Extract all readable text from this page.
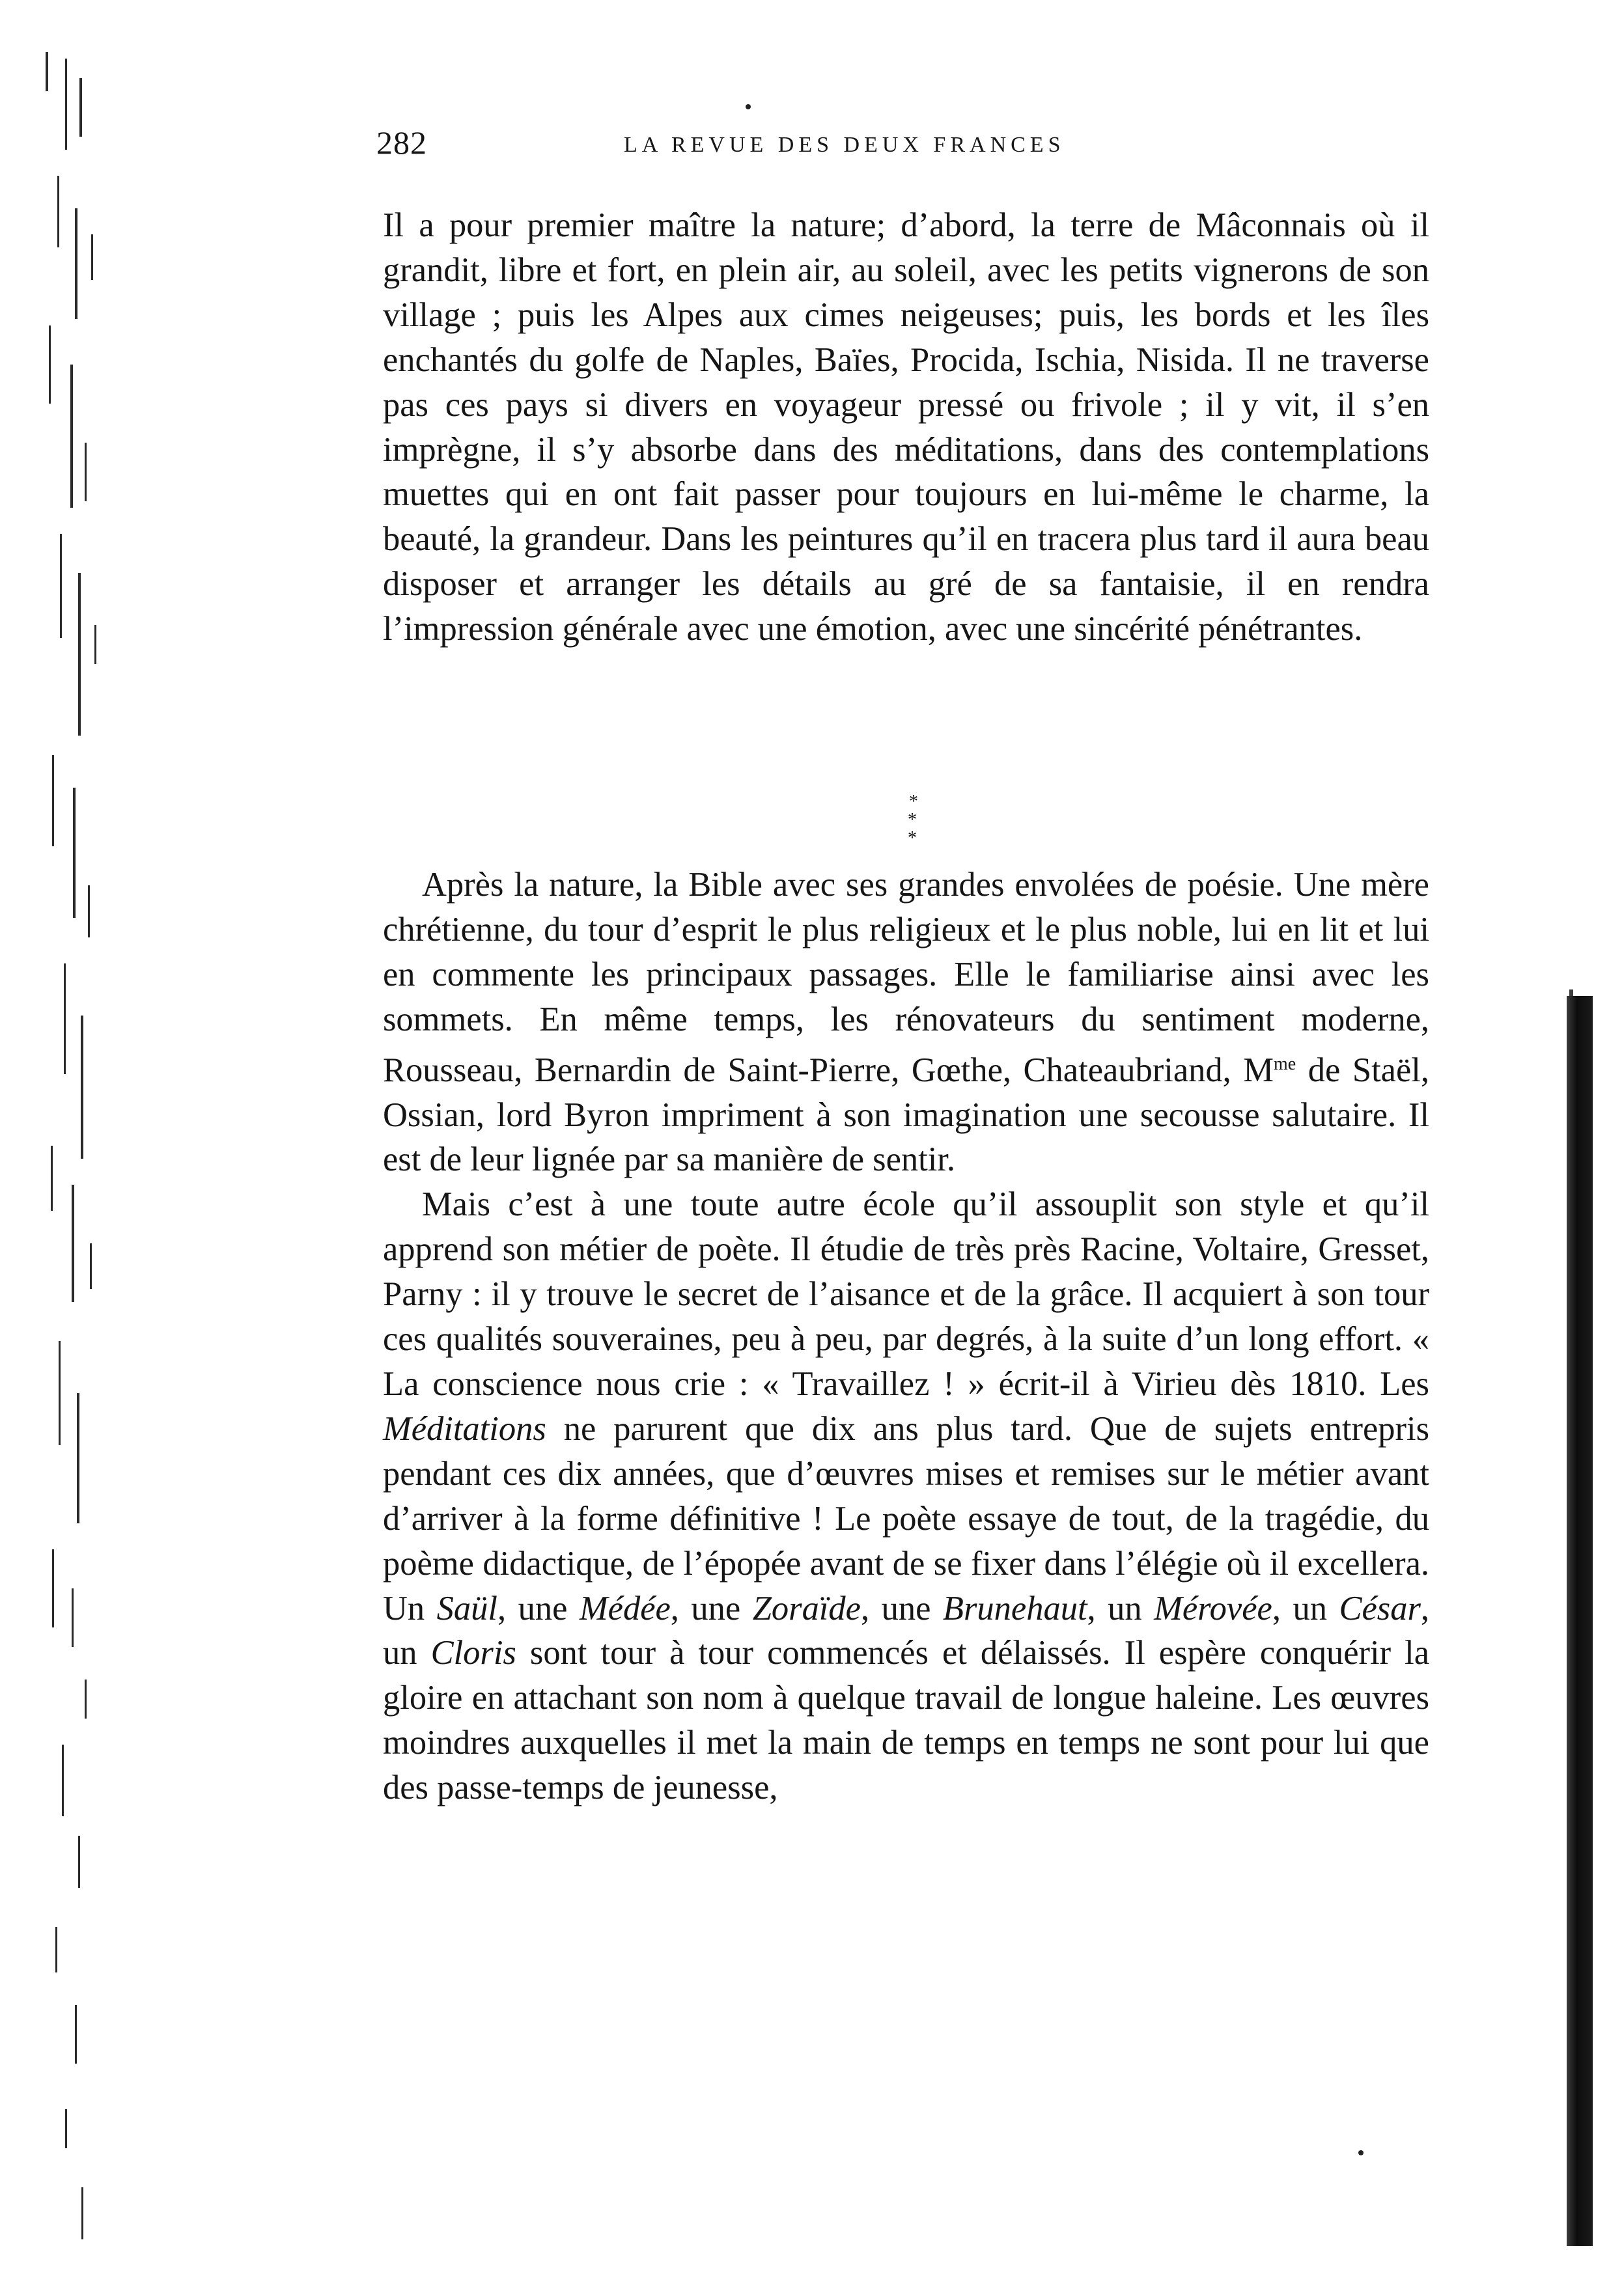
282	LA REVUE DES DEUX FRANCES

Il a pour premier maître la nature; d’abord, la terre de Mâconnais où il grandit, libre et fort, en plein air, au soleil, avec les petits vignerons de son village ; puis les Alpes aux cimes neigeuses; puis, les bords et les îles enchantés du golfe de Naples, Baïes, Procida, Ischia, Nisida. Il ne traverse pas ces pays si divers en voyageur pressé ou frivole ; il y vit, il s’en imprègne, il s’y absorbe dans des méditations, dans des contemplations muettes qui en ont fait passer pour toujours en lui-même le charme, la beauté, la grandeur. Dans les peintures qu’il en tracera plus tard il aura beau disposer et arranger les détails au gré de sa fantaisie, il en rendra l’impression générale avec une émotion, avec une sincérité pénétrantes.

*
* *

Après la nature, la Bible avec ses grandes envolées de poésie. Une mère chrétienne, du tour d’esprit le plus religieux et le plus noble, lui en lit et lui en commente les principaux passages. Elle le familiarise ainsi avec les sommets. En même temps, les rénovateurs du sentiment moderne, Rousseau, Bernardin de Saint-Pierre, Gœthe, Chateaubriand, $M^{me}$ de Staël, Ossian, lord Byron impriment à son imagination une secousse salutaire. Il est de leur lignée par sa manière de sentir.

Mais c’est à une toute autre école qu’il assouplit son style et qu’il apprend son métier de poète. Il étudie de très près Racine, Voltaire, Gresset, Parny : il y trouve le secret de l’aisance et de la grâce. Il acquiert à son tour ces qualités souveraines, peu à peu, par degrés, à la suite d’un long effort. « La conscience nous crie : « Travaillez ! » écrit-il à Virieu dès 1810. Les Méditations ne parurent que dix ans plus tard. Que de sujets entrepris pendant ces dix années, que d’œuvres mises et remises sur le métier avant d’arriver à la forme définitive ! Le poète essaye de tout, de la tragédie, du poème didactique, de l’épopée avant de se fixer dans l’élégie où il excellera. Un Saül, une Médée, une Zoraïde, une Brunehaut, un Mérovée, un César, un Cloris sont tour à tour commencés et délaissés. Il espère conquérir la gloire en attachant son nom à quelque travail de longue haleine. Les œuvres moindres auxquelles il met la main de temps en temps ne sont pour lui que des passe-temps de jeunesse,
